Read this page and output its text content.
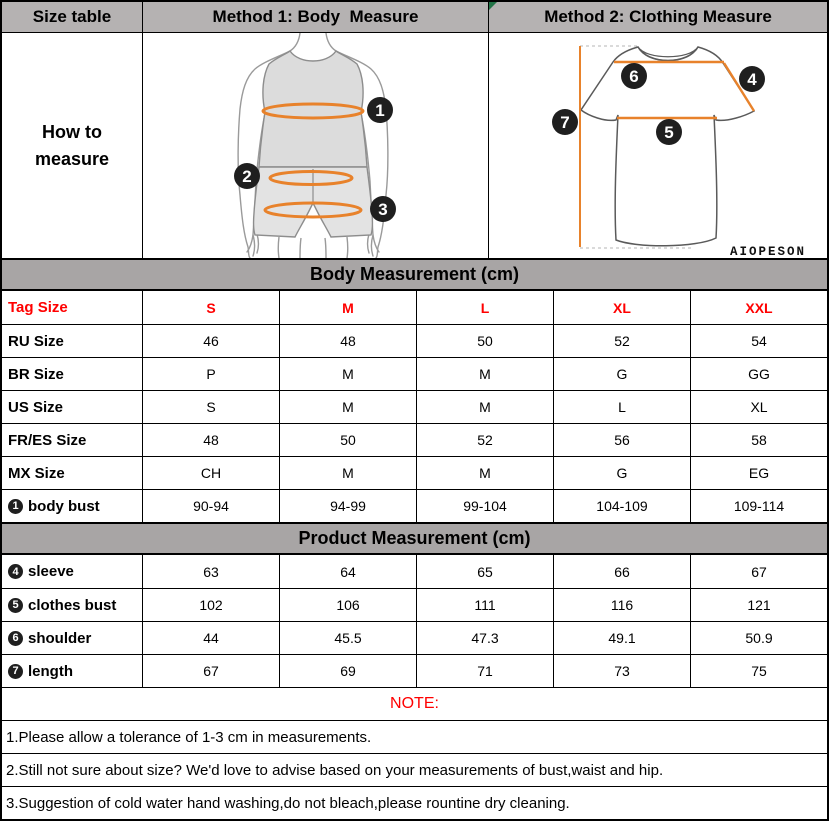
Size table	Method 1: Body  Measure	Method 2: Clothing Measure
How to measure
1
2
3
4
5
6
7
AIOPESON
Body Measurement (cm)
Tag Size	S	M	L	XL	XXL
RU Size	46	48	50	52	54
BR Size	P	M	M	G	GG
US Size	S	M	M	L	XL
FR/ES Size	48	50	52	56	58
MX Size	CH	M	M	G	EG
1 body bust	90-94	94-99	99-104	104-109	109-114
Product Measurement (cm)
4 sleeve	63	64	65	66	67
5 clothes bust	102	106	111	116	121
6 shoulder	44	45.5	47.3	49.1	50.9
7 length	67	69	71	73	75
NOTE:
1.Please allow a tolerance of 1-3 cm in measurements.
2.Still not sure about size? We'd love to advise based on your measurements of bust,waist and hip.
3.Suggestion of cold water hand washing,do not bleach,please rountine dry cleaning.
